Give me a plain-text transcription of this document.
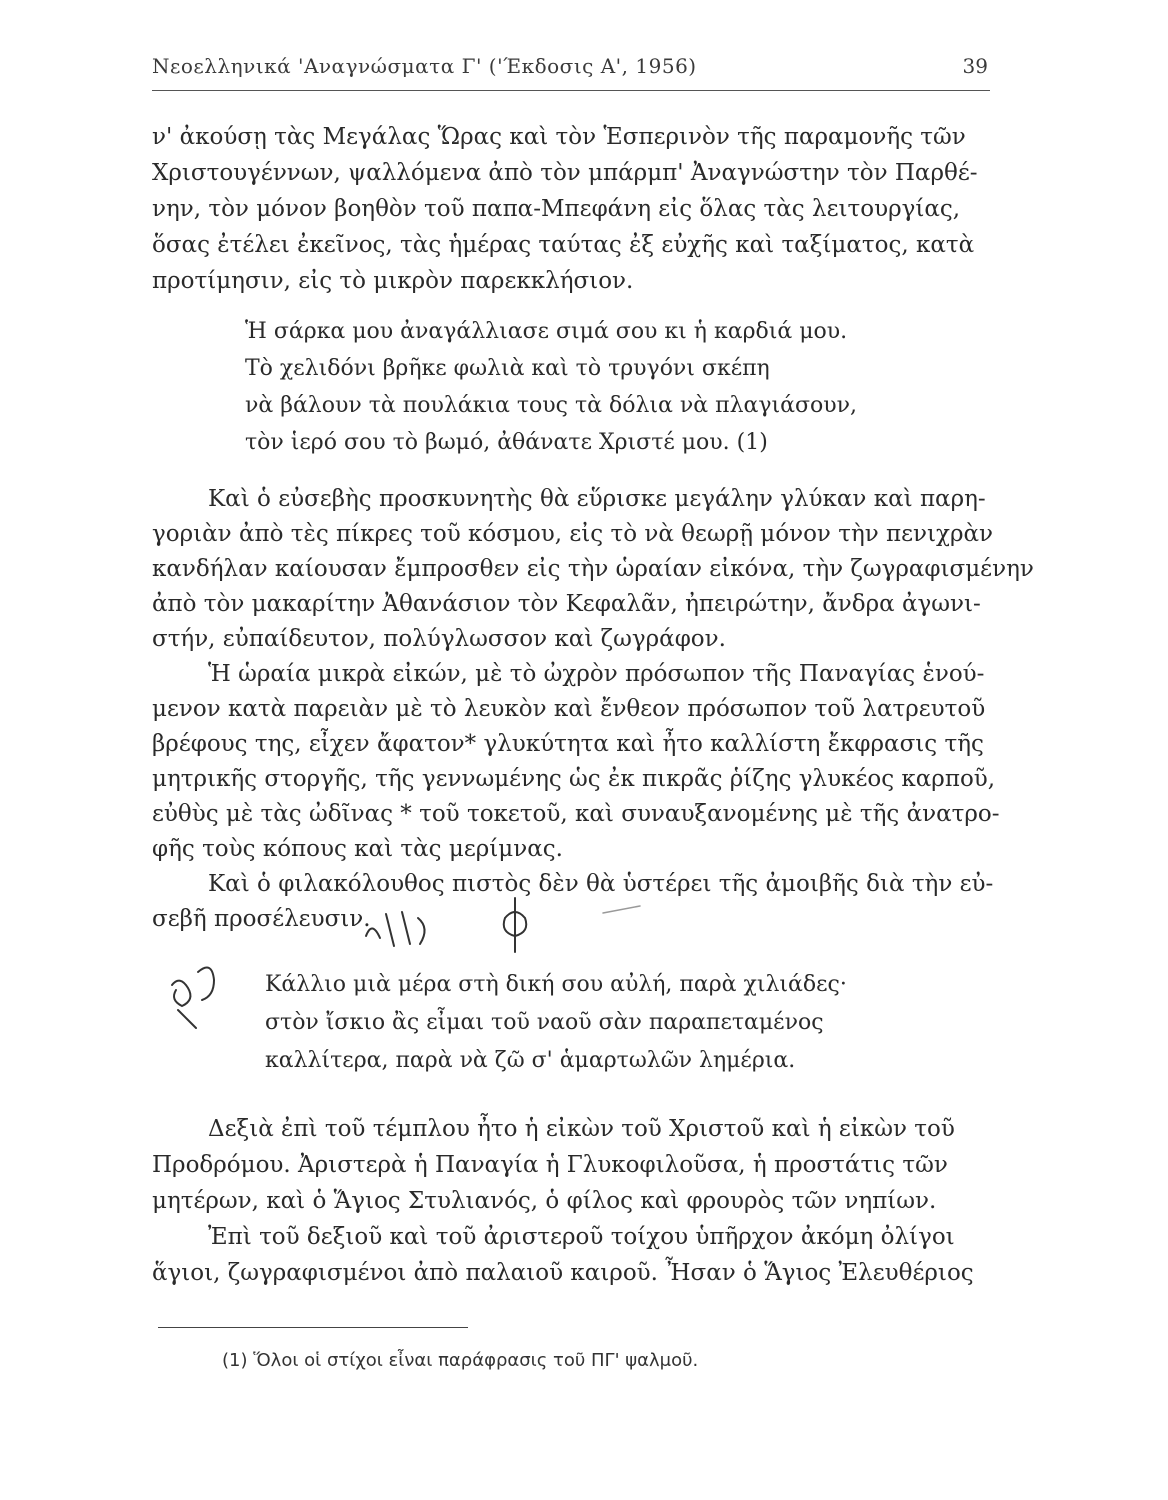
Νεοελληνικά 'Αναγνώσματα Γ' ('Έκδοσις Α', 1956)	39
ν' ἀκούσῃ τὰς Μεγάλας Ὥρας καὶ τὸν Ἑσπερινὸν τῆς παραμονῆς τῶν
Χριστουγέννων, ψαλλόμενα ἀπὸ τὸν μπάρμπ' Ἀναγνώστην τὸν Παρθέ-
νην, τὸν μόνον βοηθὸν τοῦ παπα-Μπεφάνη εἰς ὅλας τὰς λειτουργίας,
ὅσας ἐτέλει ἐκεῖνος, τὰς ἡμέρας ταύτας ἐξ εὐχῆς καὶ ταξίματος, κατὰ
προτίμησιν, εἰς τὸ μικρὸν παρεκκλήσιον.
Ἡ σάρκα μου ἀναγάλλιασε σιμά σου κι ἡ καρδιά μου.
Τὸ χελιδόνι βρῆκε φωλιὰ καὶ τὸ τρυγόνι σκέπη
νὰ βάλουν τὰ πουλάκια τους τὰ δόλια νὰ πλαγιάσουν,
τὸν ἱερό σου τὸ βωμό, ἀθάνατε Χριστέ μου. (1)
Καὶ ὁ εὐσεβὴς προσκυνητὴς θὰ εὕρισκε μεγάλην γλύκαν καὶ παρη-
γοριὰν ἀπὸ τὲς πίκρες τοῦ κόσμου, εἰς τὸ νὰ θεωρῇ μόνον τὴν πενιχρὰν
κανδήλαν καίουσαν ἔμπροσθεν εἰς τὴν ὡραίαν εἰκόνα, τὴν ζωγραφισμένην
ἀπὸ τὸν μακαρίτην Ἀθανάσιον τὸν Κεφαλᾶν, ἠπειρώτην, ἄνδρα ἀγωνι-
στήν, εὐπαίδευτον, πολύγλωσσον καὶ ζωγράφον.
Ἡ ὡραία μικρὰ εἰκών, μὲ τὸ ὠχρὸν πρόσωπον τῆς Παναγίας ἑνού-
μενον κατὰ παρειὰν μὲ τὸ λευκὸν καὶ ἔνθεον πρόσωπον τοῦ λατρευτοῦ
βρέφους της, εἶχεν ἄφατον* γλυκύτητα καὶ ἦτο καλλίστη ἔκφρασις τῆς
μητρικῆς στοργῆς, τῆς γεννωμένης ὡς ἐκ πικρᾶς ῥίζης γλυκέος καρποῦ,
εὐθὺς μὲ τὰς ὠδῖνας * τοῦ τοκετοῦ, καὶ συναυξανομένης μὲ τῆς ἀνατρο-
φῆς τοὺς κόπους καὶ τὰς μερίμνας.
Καὶ ὁ φιλακόλουθος πιστὸς δὲν θὰ ὑστέρει τῆς ἀμοιβῆς διὰ τὴν εὐ-
σεβῆ προσέλευσιν.
Κάλλιο μιὰ μέρα στὴ δική σου αὐλή, παρὰ χιλιάδες·
στὸν ἴσκιο ἂς εἶμαι τοῦ ναοῦ σὰν παραπεταμένος
καλλίτερα, παρὰ νὰ ζῶ σ' ἁμαρτωλῶν λημέρια.
Δεξιὰ ἐπὶ τοῦ τέμπλου ἦτο ἡ εἰκὼν τοῦ Χριστοῦ καὶ ἡ εἰκὼν τοῦ
Προδρόμου. Ἀριστερὰ ἡ Παναγία ἡ Γλυκοφιλοῦσα, ἡ προστάτις τῶν
μητέρων, καὶ ὁ Ἅγιος Στυλιανός, ὁ φίλος καὶ φρουρὸς τῶν νηπίων.
Ἐπὶ τοῦ δεξιοῦ καὶ τοῦ ἀριστεροῦ τοίχου ὑπῆρχον ἀκόμη ὀλίγοι
ἅγιοι, ζωγραφισμένοι ἀπὸ παλαιοῦ καιροῦ. Ἦσαν ὁ Ἅγιος Ἐλευθέριος
(1) Ὅλοι οἱ στίχοι εἶναι παράφρασις τοῦ ΠΓ' ψαλμοῦ.
